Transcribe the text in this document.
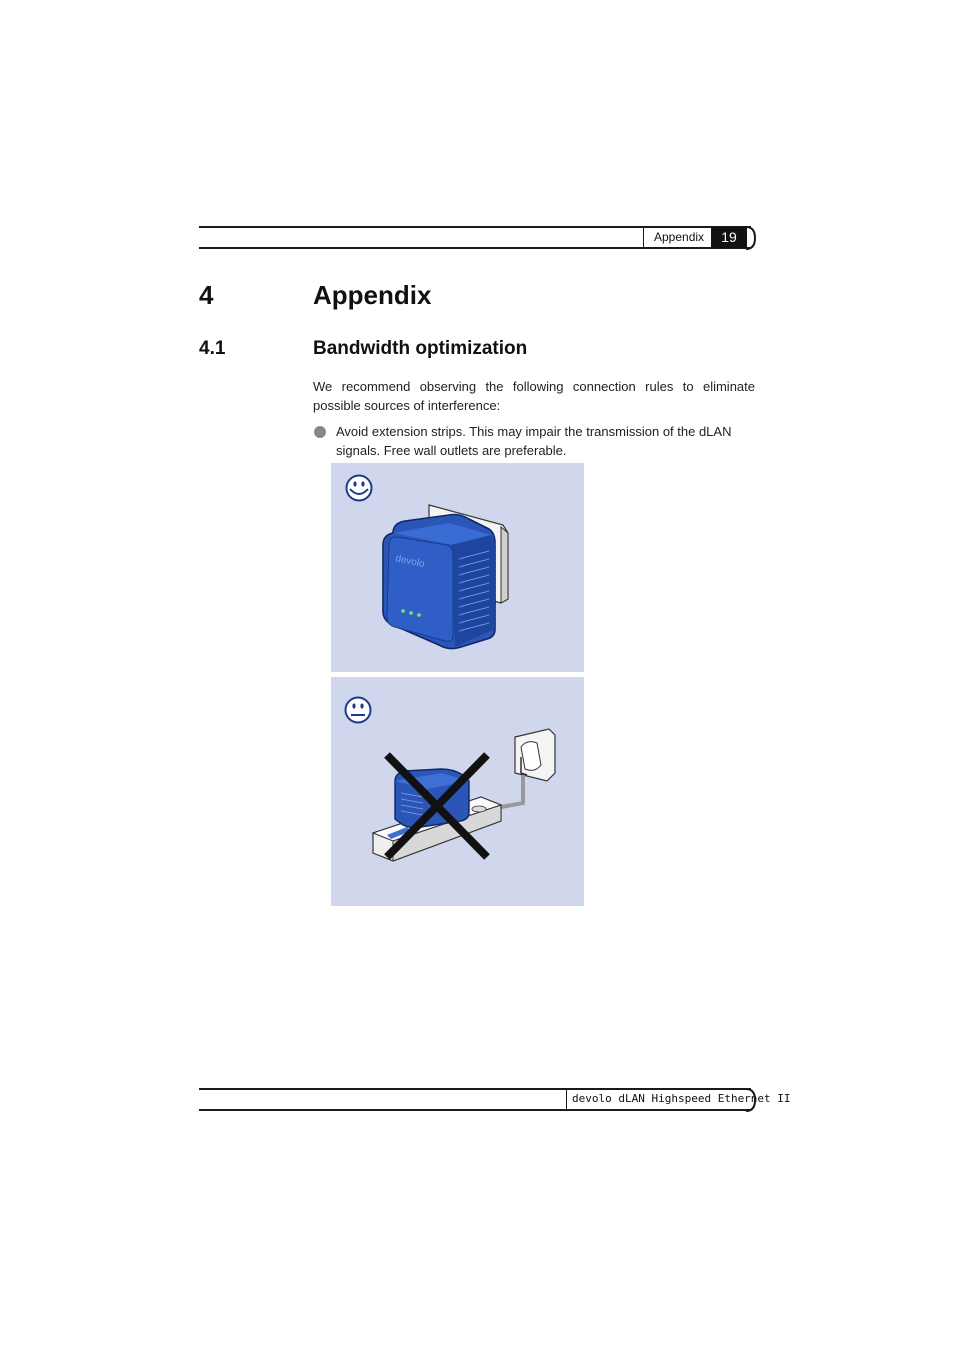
Appendix	19
4	Appendix
4.1	Bandwidth optimization
We recommend observing the following connection rules to eliminate possible sources of interference:
Avoid extension strips. This may impair the transmission of the dLAN signals. Free wall outlets are preferable.
devolo
devolo dLAN Highspeed Ethernet II
